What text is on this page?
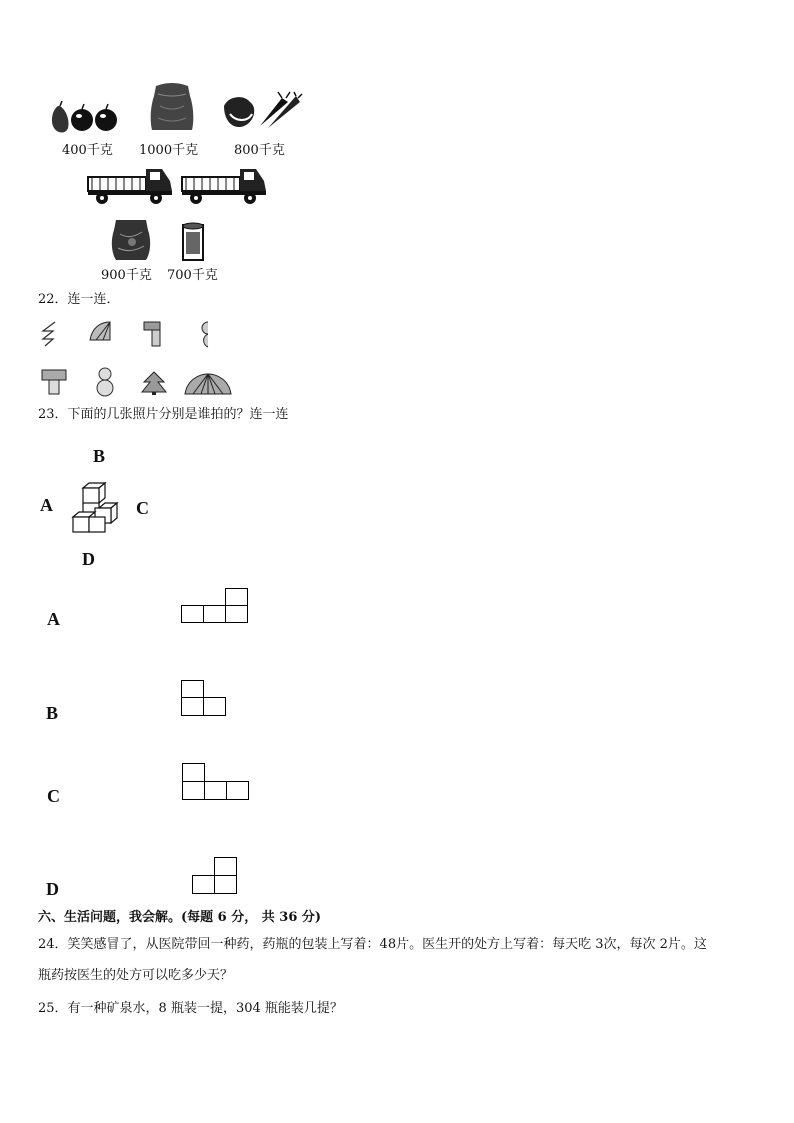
400千克 1000千克	800千克
900千克 700千克
22．连一连．
23．下面的几张照片分别是谁拍的？连一连
B
A	C
D
A
B
C
D
六、生活问题，我会解。(每题 6 分， 共 36 分)
24．笑笑感冒了，从医院带回一种药，药瓶的包装上写着：48片。医生开的处方上写着：每天吃 3次，每次 2片。这
瓶药按医生的处方可以吃多少天？
25．有一种矿泉水，8 瓶装一提，304 瓶能装几提？
